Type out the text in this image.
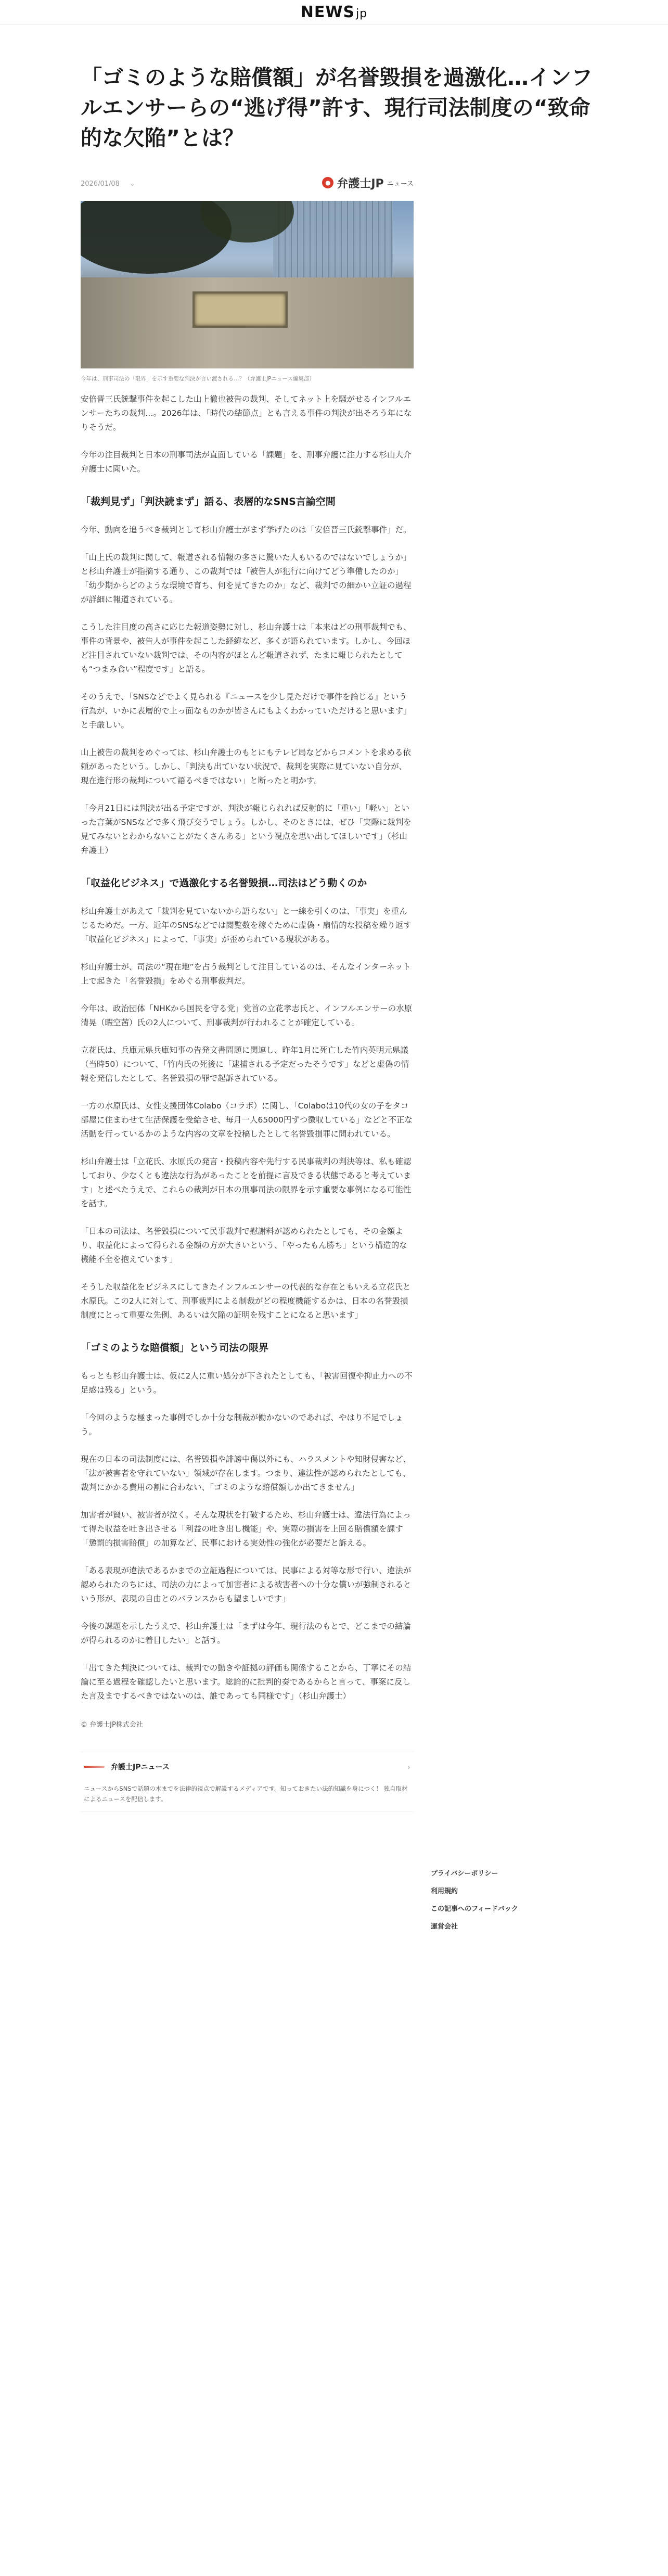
NEWSjp
「ゴミのような賠償額」が名誉毀損を過激化…インフルエンサーらの“逃げ得”許す、現行司法制度の“致命的な欠陥”とは？
2026/01/08 ⌄	● 弁護士JP ニュース
今年は、刑事司法の「限界」を示す重要な判決が言い渡される…？（弁護士JPニュース編集部）

安倍晋三氏銃撃事件を起こした山上徹也被告の裁判、そしてネット上を騒がせるインフルエンサーたちの裁判…。2026年は、「時代の結節点」とも言える事件の判決が出そろう年になりそうだ。

今年の注目裁判と日本の刑事司法が直面している「課題」を、刑事弁護に注力する杉山大介弁護士に聞いた。

「裁判見ず」「判決読まず」語る、表層的なSNS言論空間

今年、動向を追うべき裁判として杉山弁護士がまず挙げたのは「安倍晋三氏銃撃事件」だ。

「山上氏の裁判に関して、報道される情報の多さに驚いた人もいるのではないでしょうか」と杉山弁護士が指摘する通り、この裁判では「被告人が犯行に向けてどう準備したのか」「幼少期からどのような環境で育ち、何を見てきたのか」など、裁判での細かい立証の過程が詳細に報道されている。

こうした注目度の高さに応じた報道姿勢に対し、杉山弁護士は「本来はどの刑事裁判でも、事件の背景や、被告人が事件を起こした経緯など、多くが語られています。しかし、今回ほど注目されていない裁判では、その内容がほとんど報道されず、たまに報じられたとしても“つまみ食い”程度です」と語る。

そのうえで、「SNSなどでよく見られる『ニュースを少し見ただけで事件を論じる』という行為が、いかに表層的で上っ面なものかが皆さんにもよくわかっていただけると思います」と手厳しい。

山上被告の裁判をめぐっては、杉山弁護士のもとにもテレビ局などからコメントを求める依頼があったという。しかし、「判決も出ていない状況で、裁判を実際に見ていない自分が、現在進行形の裁判について語るべきではない」と断ったと明かす。

「今月21日には判決が出る予定ですが、判決が報じられれば反射的に「重い」「軽い」といった言葉がSNSなどで多く飛び交うでしょう。しかし、そのときには、ぜひ「実際に裁判を見てみないとわからないことがたくさんある」という視点を思い出してほしいです」（杉山弁護士）

「収益化ビジネス」で過激化する名誉毀損…司法はどう動くのか

杉山弁護士があえて「裁判を見ていないから語らない」と一線を引くのは、「事実」を重んじるためだ。一方、近年のSNSなどでは閲覧数を稼ぐために虚偽・扇情的な投稿を繰り返す「収益化ビジネス」によって、「事実」が歪められている現状がある。

杉山弁護士が、司法の“現在地”を占う裁判として注目しているのは、そんなインターネット上で起きた「名誉毀損」をめぐる刑事裁判だ。

今年は、政治団体「NHKから国民を守る党」党首の立花孝志氏と、インフルエンサーの水原清晃（暇空茜）氏の2人について、刑事裁判が行われることが確定している。

立花氏は、兵庫元県兵庫知事の告発文書問題に関連し、昨年1月に死亡した竹内英明元県議（当時50）について、「竹内氏の死後に「逮捕される予定だったそうです」などと虚偽の情報を発信したとして、名誉毀損の罪で起訴されている。

一方の水原氏は、女性支援団体Colabo（コラボ）に関し、「Colaboは10代の女の子をタコ部屋に住まわせて生活保護を受給させ、毎月一人65000円ずつ徴収している」などと不正な活動を行っているかのような内容の文章を投稿したとして名誉毀損罪に問われている。

杉山弁護士は「立花氏、水原氏の発言・投稿内容や先行する民事裁判の判決等は、私も確認しており、少なくとも違法な行為があったことを前提に言及できる状態であると考えています」と述べたうえで、これらの裁判が日本の刑事司法の限界を示す重要な事例になる可能性を話す。

「日本の司法は、名誉毀損について民事裁判で慰謝料が認められたとしても、その金額より、収益化によって得られる金額の方が大きいという、「やったもん勝ち」という構造的な機能不全を抱えています」

そうした収益化をビジネスにしてきたインフルエンサーの代表的な存在ともいえる立花氏と水原氏。この2人に対して、刑事裁判による制裁がどの程度機能するかは、日本の名誉毀損制度にとって重要な先例、あるいは欠陥の証明を残すことになると思います」

「ゴミのような賠償額」という司法の限界

もっとも杉山弁護士は、仮に2人に重い処分が下されたとしても、「被害回復や抑止力への不足感は残る」という。

「今回のような極まった事例でしか十分な制裁が働かないのであれば、やはり不足でしょう。

現在の日本の司法制度には、名誉毀損や誹謗中傷以外にも、ハラスメントや知財侵害など、「法が被害者を守れていない」領域が存在します。つまり、違法性が認められたとしても、裁判にかかる費用の割に合わない、「ゴミのような賠償額しか出てきません」

加害者が賢い、被害者が泣く。そんな現状を打破するため、杉山弁護士は、違法行為によって得た収益を吐き出させる「利益の吐き出し機能」や、実際の損害を上回る賠償額を課す「懲罰的損害賠償」の加算など、民事における実効性の強化が必要だと訴える。

「ある表現が違法であるかまでの立証過程については、民事による対等な形で行い、違法が認められたのちには、司法の力によって加害者による被害者への十分な償いが強制されるという形が、表現の自由とのバランスからも望ましいです」

今後の課題を示したうえで、杉山弁護士は「まずは今年、現行法のもとで、どこまでの結論が得られるのかに着目したい」と話す。

「出てきた判決については、裁判での動きや証拠の評価も関係することから、丁寧にその結論に至る過程を確認したいと思います。総論的に批判的奏であるからと言って、事案に反した言及までするべきではないのは、誰であっても同様です」（杉山弁護士）

© 弁護士JP株式会社
弁護士JPニュース	›
ニュースからSNSで話題の木までを法律的視点で解説するメディアです。知っておきたい法的知識を身につく！ 独自取材によるニュースを配信します。
プライバシーポリシー
利用規約
この記事へのフィードバック
運営会社
